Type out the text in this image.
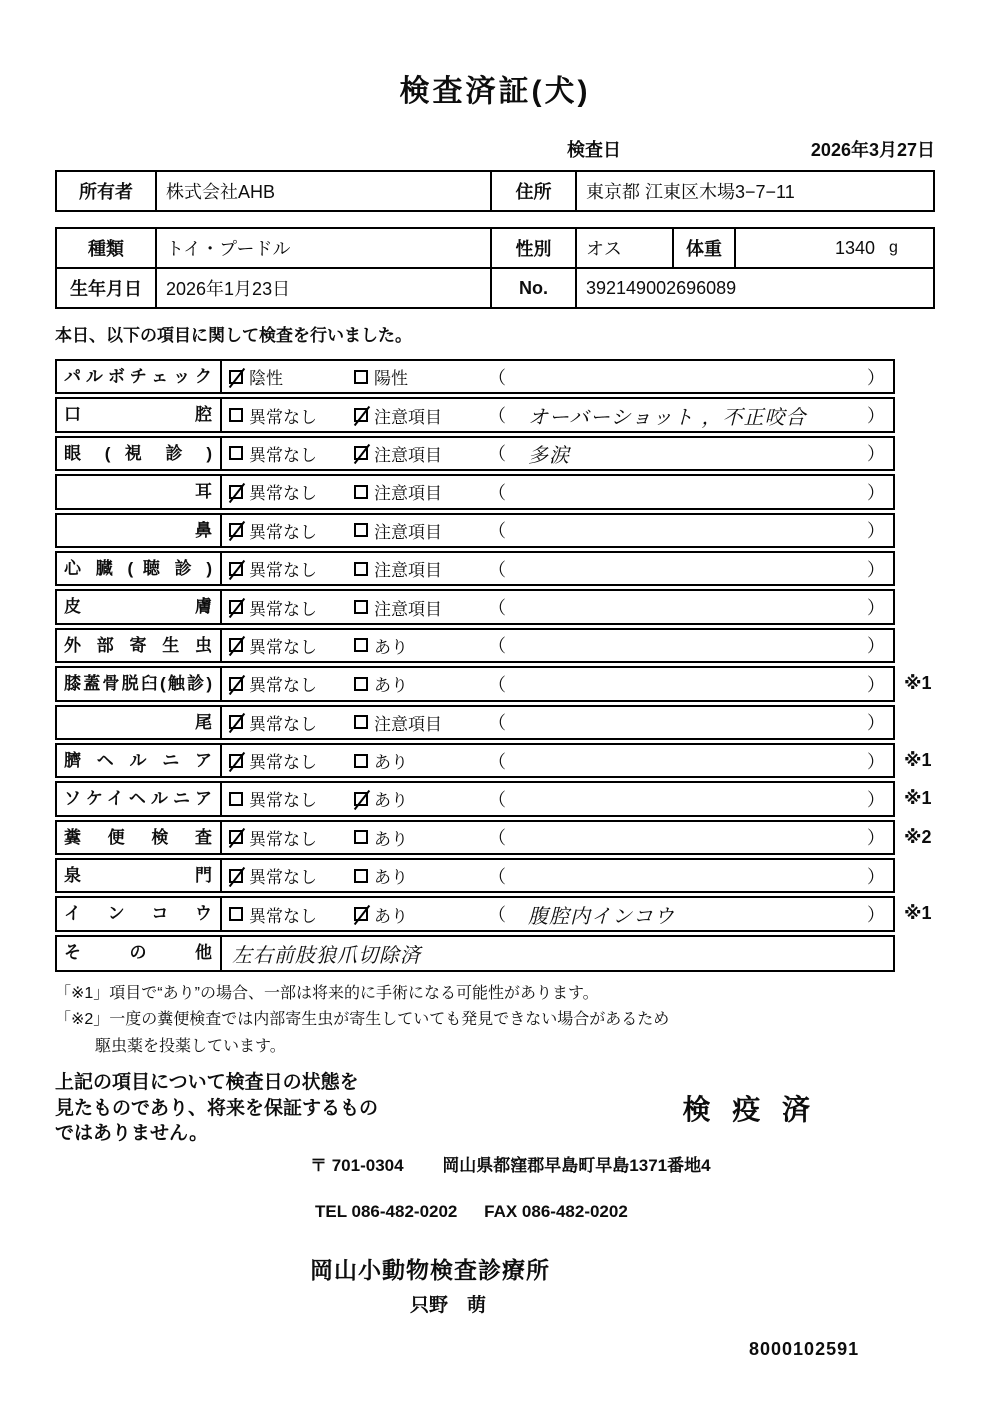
検査済証(犬)
検査日	2026年3月27日
所有者	株式会社AHB	住所	東京都 江東区木場3−7−11
種類	トイ・プードル	性別	オス	体重	1340 g
生年月日	2026年1月23日	No.	392149002696089

本日、以下の項目に関して検査を行いました。

パルボチェック	陰性	陽性	（	）
口 腔	異常なし	注意項目	（	オーバーショット ，不正咬合	）
眼 ( 視 診 )	異常なし	注意項目	（	多涙	）
　　　　耳	異常なし	注意項目	（	）
　　　　鼻	異常なし	注意項目	（	）
心 臓 ( 聴 診 )	異常なし	注意項目	（	）
皮 膚	異常なし	注意項目	（	）
外 部 寄 生 虫	異常なし	あり	（	）
膝蓋骨脱臼(触診)	異常なし	あり	（	）	※1
　　　　尾	異常なし	注意項目	（	）
臍 ヘ ル ニ ア	異常なし	あり	（	）	※1
ソケイヘルニア	異常なし	あり	（	）	※1
糞 便 検 査	異常なし	あり	（	）	※2
泉 門	異常なし	あり	（	）
イ ン コ ウ	異常なし	あり	（	腹腔内インコウ	）	※1
そ の 他	左右前肢狼爪切除済
「※1」項目で“あり”の場合、一部は将来的に手術になる可能性があります。
「※2」一度の糞便検査では内部寄生虫が寄生していても発見できない場合があるため
駆虫薬を投薬しています。
上記の項目について検査日の状態を
見たものであり、将来を保証するもの
ではありません。
検 疫 済
〒 701-0304 岡山県都窪郡早島町早島1371番地4
TEL 086-482-0202 FAX 086-482-0202
岡山小動物検査診療所
只野　萌
8000102591
